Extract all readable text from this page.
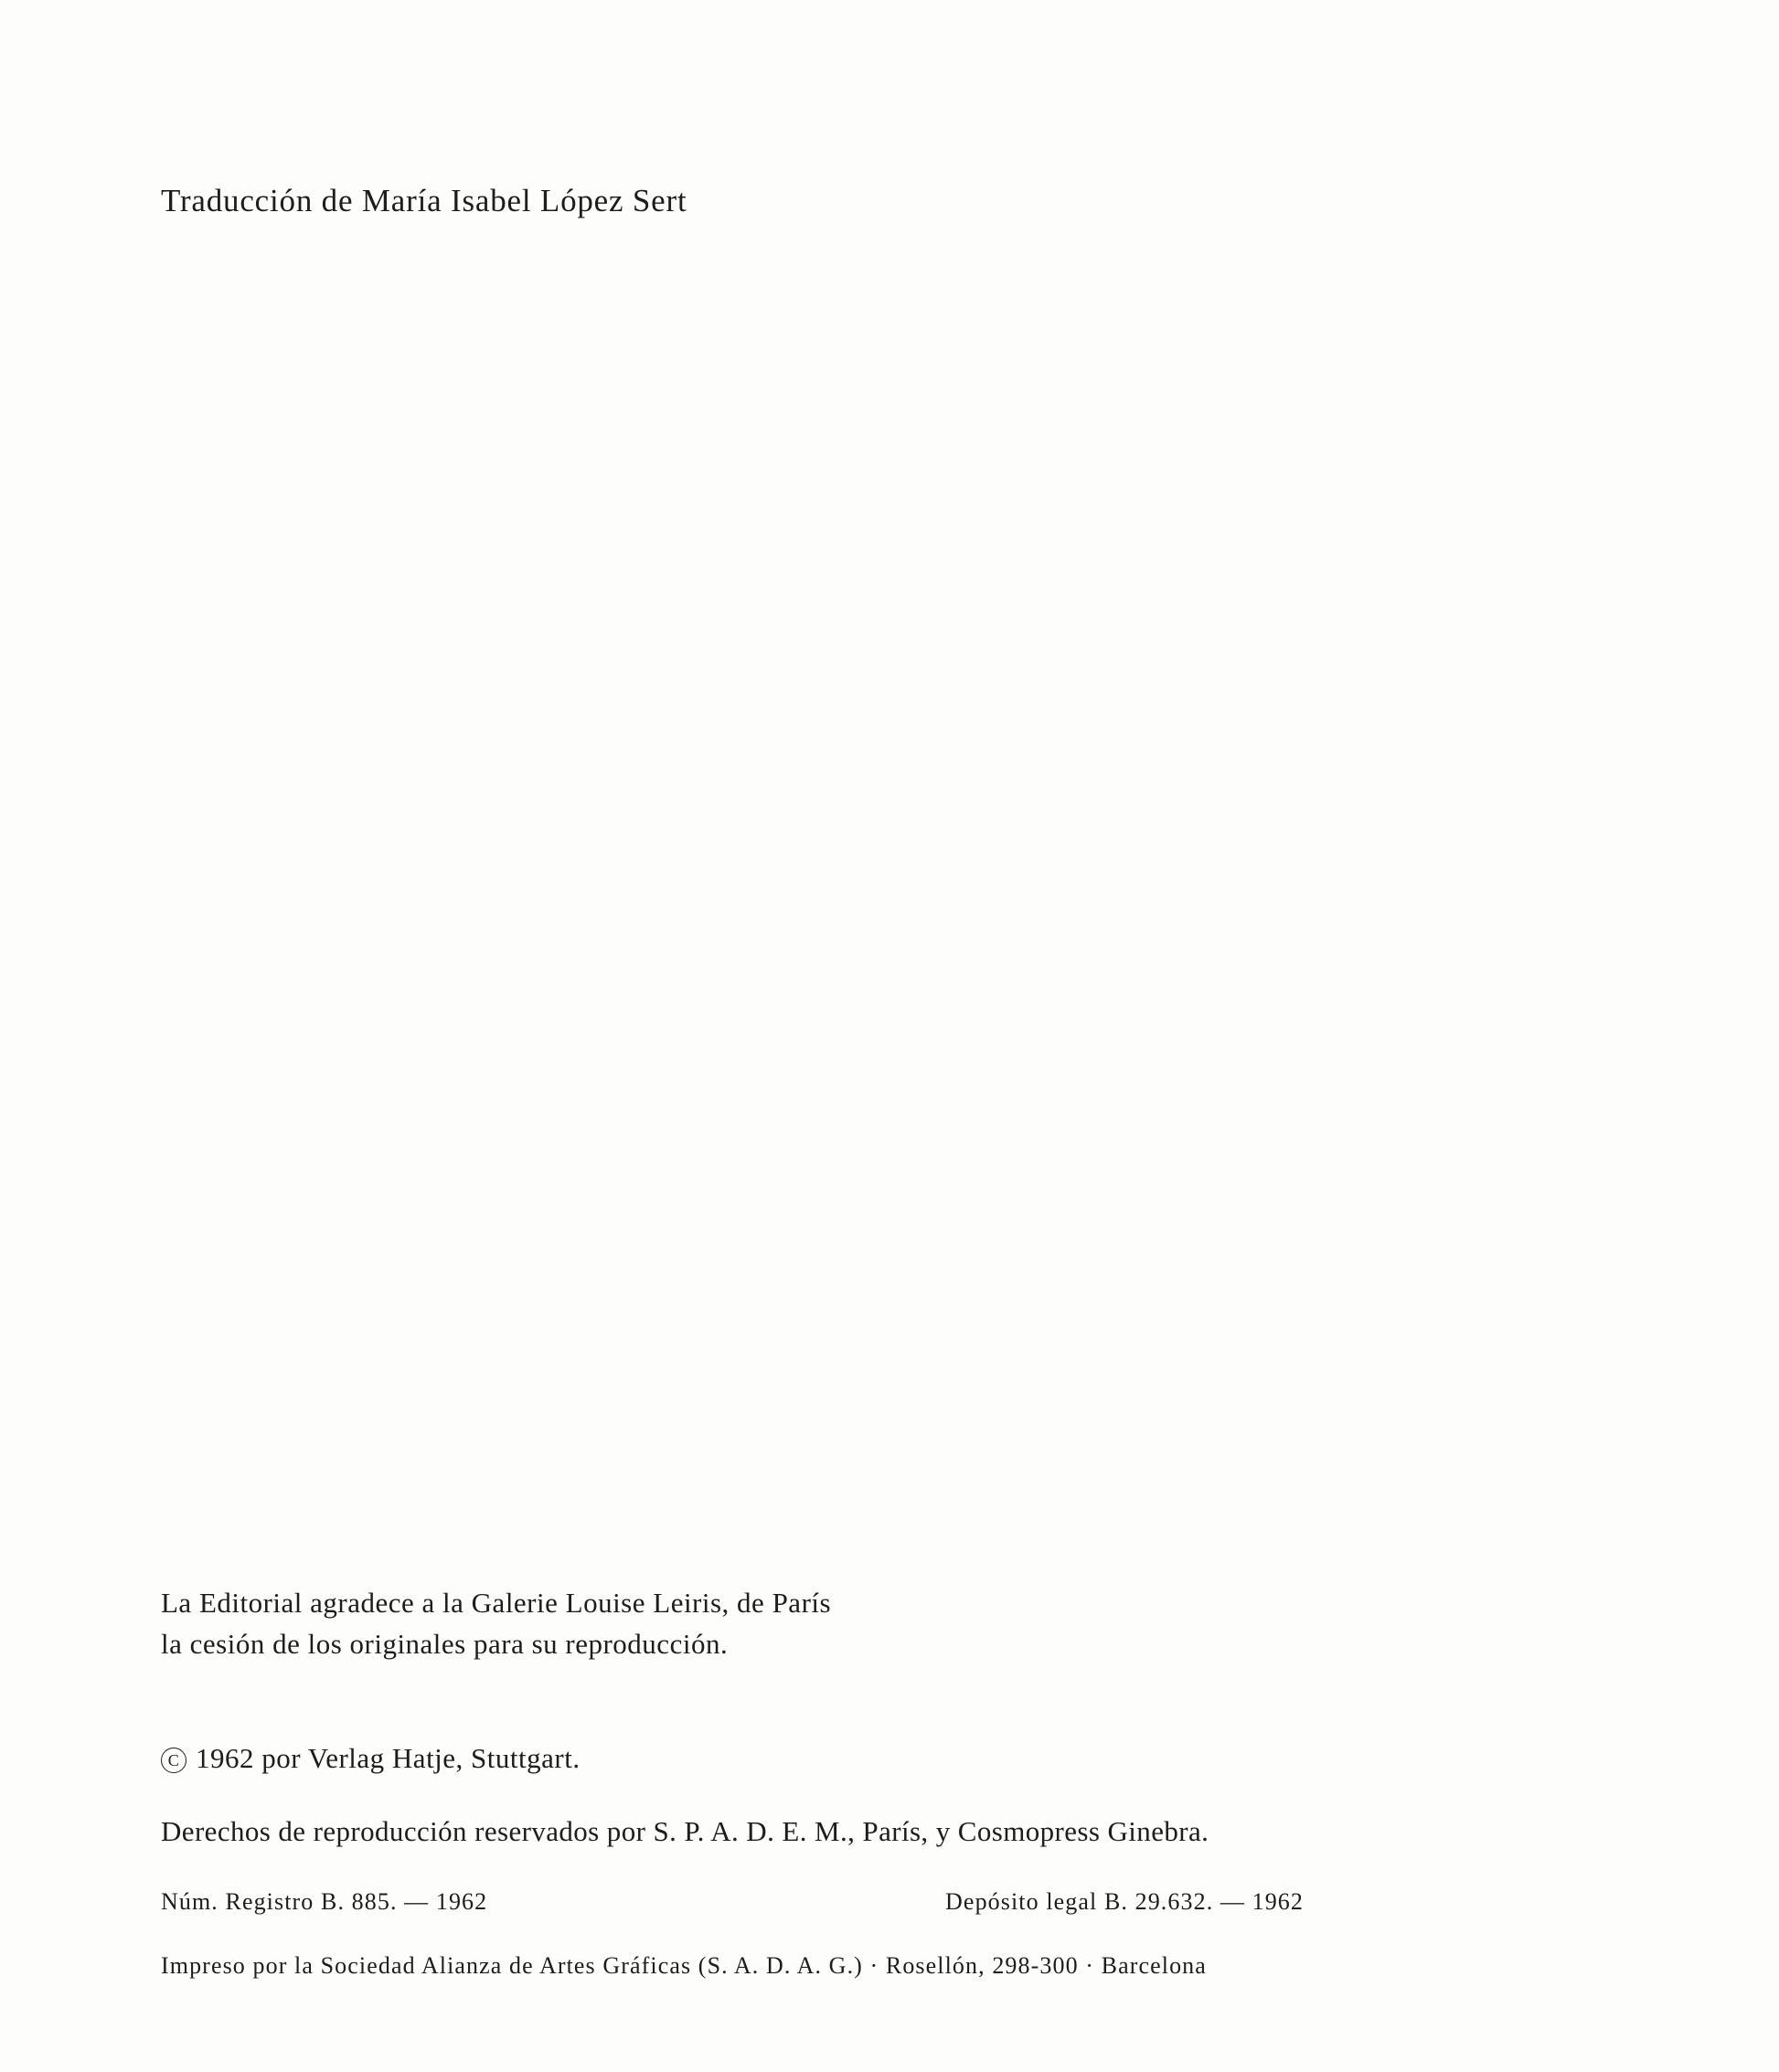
Traducción de María Isabel López Sert
La Editorial agradece a la Galerie Louise Leiris, de París
la cesión de los originales para su reproducción.
C 1962 por Verlag Hatje, Stuttgart.
Derechos de reproducción reservados por S. P. A. D. E. M., París, y Cosmopress Ginebra.
Núm. Registro B. 885. — 1962	Depósito legal B. 29.632. — 1962
Impreso por la Sociedad Alianza de Artes Gráficas (S. A. D. A. G.) · Rosellón, 298-300 · Barcelona
